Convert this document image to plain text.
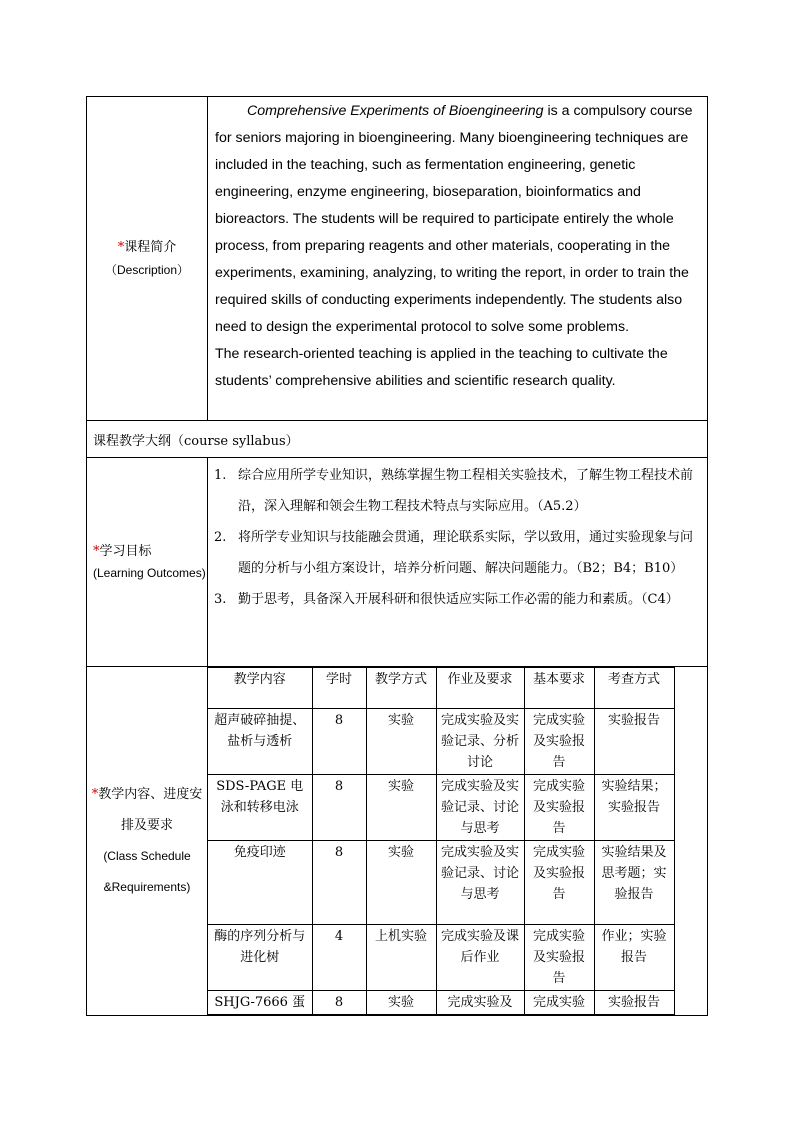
*课程简介
（Description）

Comprehensive Experiments of Bioengineering is a compulsory course for seniors majoring in bioengineering. Many bioengineering techniques are included in the teaching, such as fermentation engineering, genetic engineering, enzyme engineering, bioseparation, bioinformatics and bioreactors. The students will be required to participate entirely the whole process, from preparing reagents and other materials, cooperating in the experiments, examining, analyzing, to writing the report, in order to train the required skills of conducting experiments independently. The students also need to design the experimental protocol to solve some problems.

The research-oriented teaching is applied in the teaching to cultivate the students’ comprehensive abilities and scientific research quality.

课程教学大纲（course syllabus）

*学习目标
(Learning Outcomes)

1. 综合应用所学专业知识，熟练掌握生物工程相关实验技术，了解生物工程技术前沿，深入理解和领会生物工程技术特点与实际应用。（A5.2）
2. 将所学专业知识与技能融会贯通，理论联系实际，学以致用，通过实验现象与问题的分析与小组方案设计，培养分析问题、解决问题能力。（B2；B4；B10）
3. 勤于思考，具备深入开展科研和很快适应实际工作必需的能力和素质。（C4）

*教学内容、进度安排及要求
(Class Schedule &Requirements)

教学内容	学时	教学方式	作业及要求	基本要求	考查方式
超声破碎抽提、盐析与透析	8	实验	完成实验及实验记录、分析讨论	完成实验及实验报告	实验报告
SDS-PAGE 电泳和转移电泳	8	实验	完成实验及实验记录、讨论与思考	完成实验及实验报告	实验结果；实验报告
免疫印迹	8	实验	完成实验及实验记录、讨论与思考	完成实验及实验报告	实验结果及思考题；实验报告
酶的序列分析与进化树	4	上机实验	完成实验及课后作业	完成实验及实验报告	作业；实验报告
SHJG-7666 蛋	8	实验	完成实验及	完成实验	实验报告
